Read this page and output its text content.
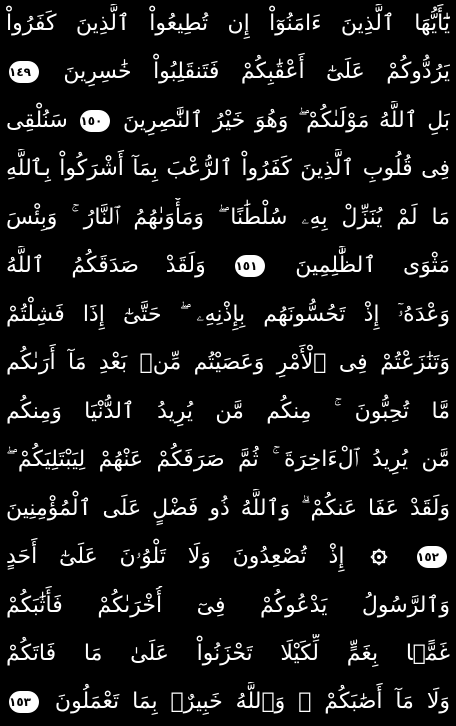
يَٰٓأَيُّهَا ٱلَّذِينَ ءَامَنُوٓاْ إِن تُطِيعُواْ ٱلَّذِينَ كَفَرُواْ
يَرُدُّوكُمْ عَلَىٰٓ أَعْقَٰبِكُمْ فَتَنقَلِبُواْ خَٰسِرِينَ ١٤٩
بَلِ ٱللَّهُ مَوْلَىٰكُمْ ۖ وَهُوَ خَيْرُ ٱلنَّٰصِرِينَ ١٥٠ سَنُلْقِى
فِى قُلُوبِ ٱلَّذِينَ كَفَرُواْ ٱلرُّعْبَ بِمَآ أَشْرَكُواْ بِٱللَّهِ
مَا لَمْ يُنَزِّلْ بِهِۦ سُلْطَٰنًا ۖ وَمَأْوَىٰهُمُ ٱلنَّارُ ۚ وَبِئْسَ
مَثْوَى ٱلظَّٰلِمِينَ ١٥١ وَلَقَدْ صَدَقَكُمُ ٱللَّهُ
وَعْدَهُۥٓ إِذْ تَحُسُّونَهُم بِإِذْنِهِۦ ۖ حَتَّىٰٓ إِذَا فَشِلْتُمْ
وَتَنَٰزَعْتُمْ فِى ٱلْأَمْرِ وَعَصَيْتُم مِّنۢ بَعْدِ مَآ أَرَىٰكُم
مَّا تُحِبُّونَ ۚ مِنكُم مَّن يُرِيدُ ٱلدُّنْيَا وَمِنكُم
مَّن يُرِيدُ ٱلْءَاخِرَةَ ۚ ثُمَّ صَرَفَكُمْ عَنْهُمْ لِيَبْتَلِيَكُمْ ۖ
وَلَقَدْ عَفَا عَنكُمْ ۗ وَٱللَّهُ ذُو فَضْلٍ عَلَى ٱلْمُؤْمِنِينَ
١٥٢  إِذْ تُصْعِدُونَ وَلَا تَلْوُۥنَ عَلَىٰٓ أَحَدٍ
وَٱلرَّسُولُ يَدْعُوكُمْ فِىٓ أُخْرَىٰكُمْ فَأَثَٰبَكُمْ
غَمًّۢا بِغَمٍّ لِّكَيْلَا تَحْزَنُواْ عَلَىٰ مَا فَاتَكُمْ
وَلَا مَآ أَصَٰبَكُمْ ۗ وَٱللَّهُ خَبِيرٌۢ بِمَا تَعْمَلُونَ ١٥٣
